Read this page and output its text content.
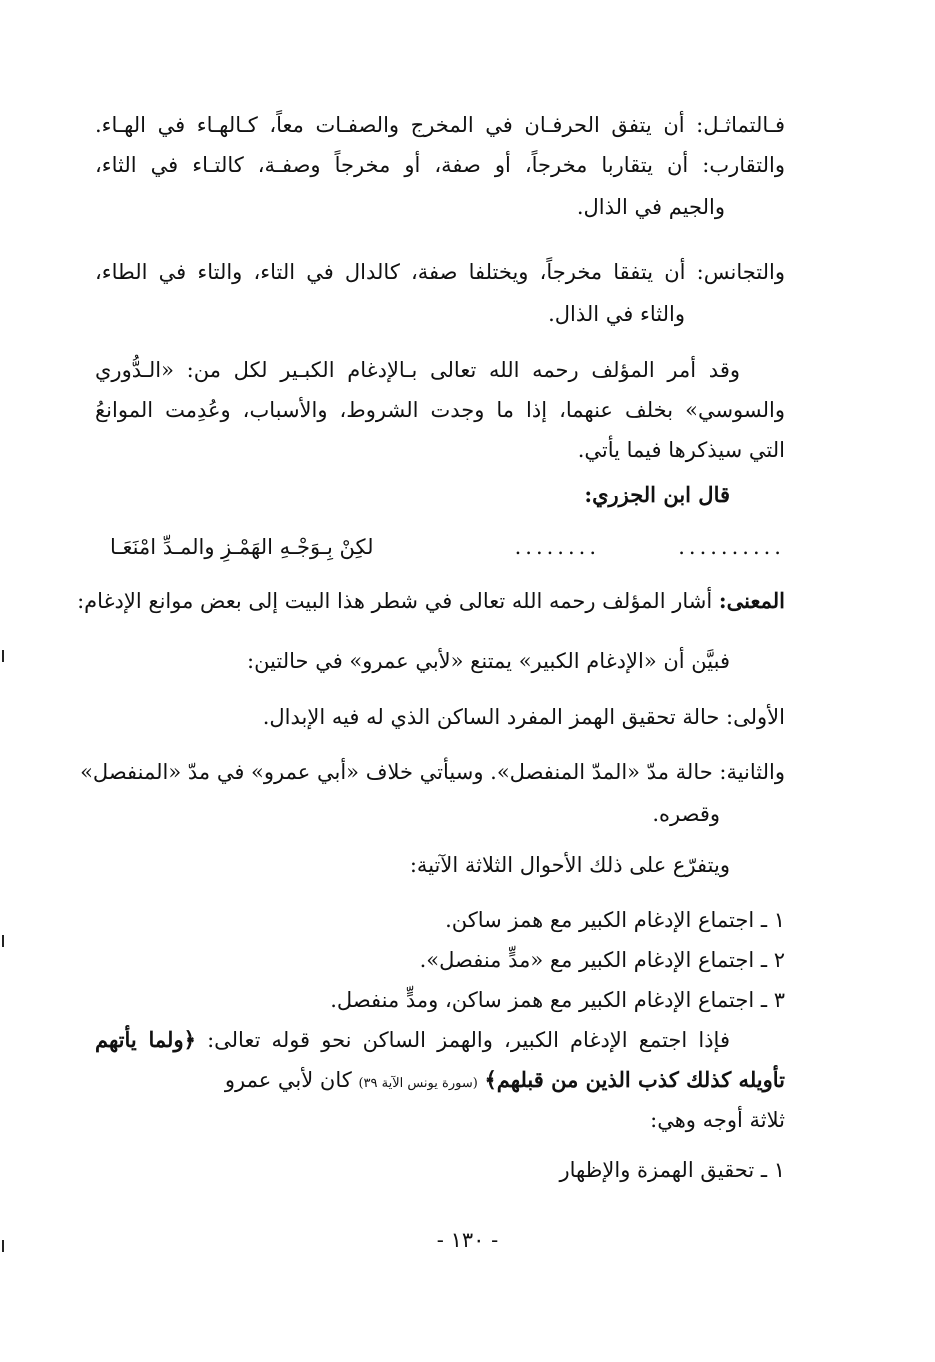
فـالتماثـل: أن يتفق الحرفـان في المخرج والصفـات معاً، كـالهـاء في الهـاء.
والتقارب: أن يتقاربا مخرجاً، أو صفة، أو مخرجاً وصفـة، كالتـاء في الثاء،
والجيم في الذال.
والتجانس: أن يتفقا مخرجاً، ويختلفا صفة، كالدال في التاء، والتاء في الطاء،
والثاء في الذال.
وقد أمر المؤلف رحمه الله تعالى بـالإدغام الكبـير لكل من: «الـدُّوري
والسوسي» بخلف عنهما، إذا ما وجدت الشروط، والأسباب، وعُدِمت الموانعُ
التي سيذكرها فيما يأتي.
قال ابن الجزري:
..........
........
لكِنْ بِـوَجْـهِ الهَمْـزِ والمـدِّ امْنَعَـا
المعنى: أشار المؤلف رحمه الله تعالى في شطر هذا البيت إلى بعض موانع الإدغام:
فبيَّن أن «الإدغام الكبير» يمتنع «لأبي عمرو» في حالتين:
الأولى: حالة تحقيق الهمز المفرد الساكن الذي له فيه الإبدال.
والثانية: حالة مدّ «المدّ المنفصل». وسيأتي خلاف «أبي عمرو» في مدّ «المنفصل»
وقصره.
ويتفرّع على ذلك الأحوال الثلاثة الآتية:
١ ـ اجتماع الإدغام الكبير مع همز ساكن.
٢ ـ اجتماع الإدغام الكبير مع «مدٍّ منفصل».
٣ ـ اجتماع الإدغام الكبير مع همز ساكن، ومدٍّ منفصل.
فإذا اجتمع الإدغام الكبير، والهمز الساكن نحو قوله تعالى: ﴿ولما يأتهم
تأويله كذلك كذب الذين من قبلهم﴾ (سورة يونس الآية ٣٩) كان لأبي عمرو
ثلاثة أوجه وهي:
١ ـ تحقيق الهمزة والإظهار
- ١٣٠ -
